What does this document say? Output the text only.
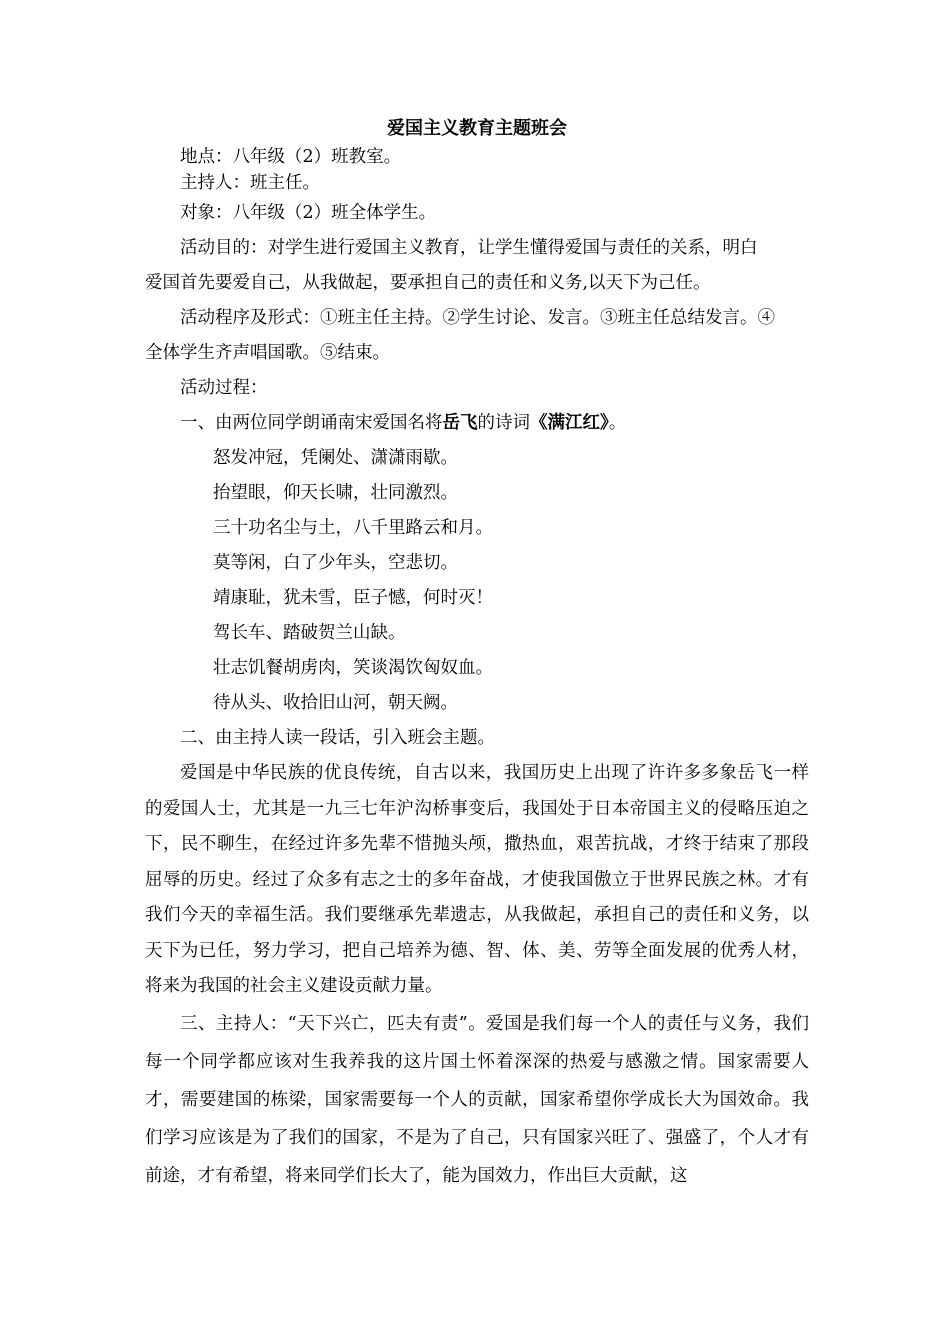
爱国主义教育主题班会

地点：八年级（2）班教室。

主持人：班主任。

对象：八年级（2）班全体学生。

活动目的：对学生进行爱国主义教育，让学生懂得爱国与责任的关系，明白

爱国首先要爱自己，从我做起，要承担自己的责任和义务,以天下为己任。

活动程序及形式：①班主任主持。②学生讨论、发言。③班主任总结发言。④

全体学生齐声唱国歌。⑤结束。

活动过程：

一、由两位同学朗诵南宋爱国名将岳飞的诗词《满江红》。

怒发冲冠，凭阑处、潇潇雨歇。

抬望眼，仰天长啸，壮同激烈。

三十功名尘与土，八千里路云和月。

莫等闲，白了少年头，空悲切。

靖康耻，犹未雪，臣子憾，何时灭！

驾长车、踏破贺兰山缺。

壮志饥餐胡虏肉，笑谈渴饮匈奴血。

待从头、收拾旧山河，朝天阙。

二、由主持人读一段话，引入班会主题。

爱国是中华民族的优良传统，自古以来，我国历史上出现了许许多多象岳飞一样的爱国人士，尤其是一九三七年沪沟桥事变后，我国处于日本帝国主义的侵略压迫之下，民不聊生，在经过许多先辈不惜抛头颅，撒热血，艰苦抗战，才终于结束了那段屈辱的历史。经过了众多有志之士的多年奋战，才使我国傲立于世界民族之林。才有我们今天的幸福生活。我们要继承先辈遗志，从我做起，承担自己的责任和义务，以天下为已任，努力学习，把自己培养为德、智、体、美、劳等全面发展的优秀人材，将来为我国的社会主义建设贡献力量。

三、主持人：“天下兴亡，匹夫有责”。爱国是我们每一个人的责任与义务，我们每一个同学都应该对生我养我的这片国土怀着深深的热爱与感激之情。国家需要人才，需要建国的栋梁，国家需要每一个人的贡献，国家希望你学成长大为国效命。我们学习应该是为了我们的国家，不是为了自己，只有国家兴旺了、强盛了，个人才有前途，才有希望，将来同学们长大了，能为国效力，作出巨大贡献，这
